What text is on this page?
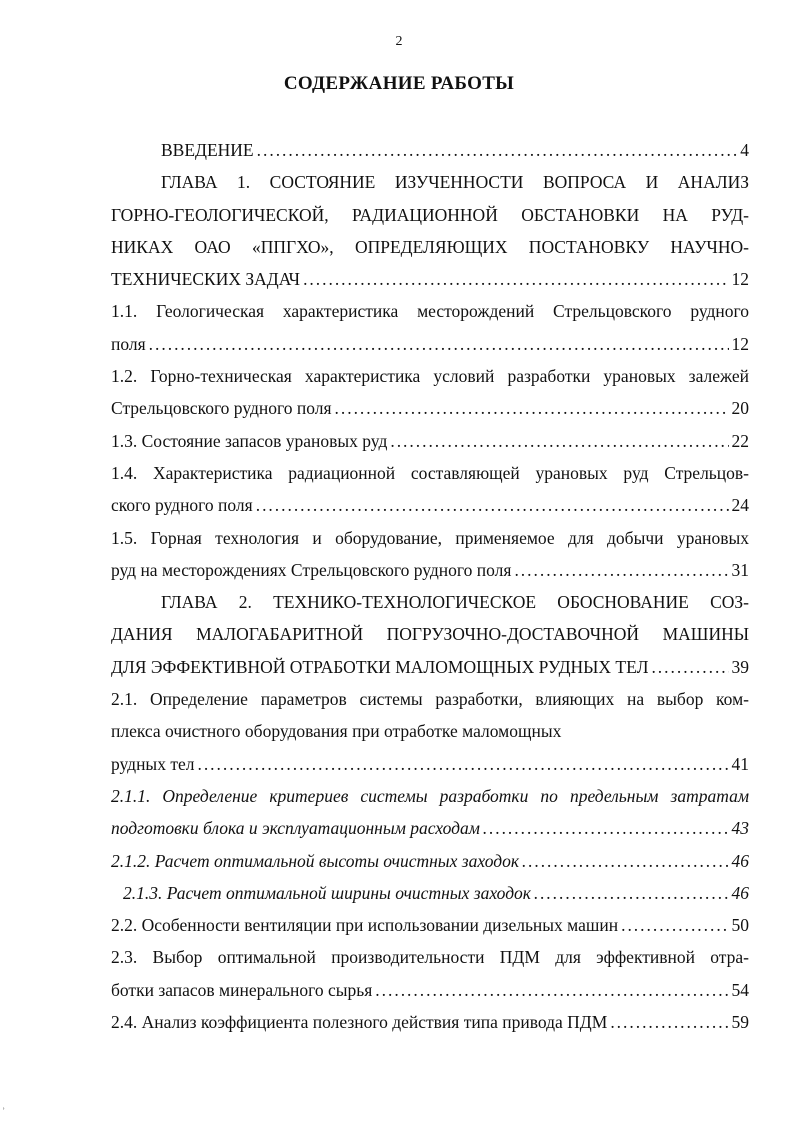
2
СОДЕРЖАНИЕ РАБОТЫ
ВВЕДЕНИЕ . . .	4
ГЛАВА 1. СОСТОЯНИЕ ИЗУЧЕННОСТИ ВОПРОСА И АНАЛИЗ
ГОРНО-ГЕОЛОГИЧЕСКОЙ, РАДИАЦИОННОЙ ОБСТАНОВКИ НА РУД-
НИКАХ ОАО «ППГХО», ОПРЕДЕЛЯЮЩИХ ПОСТАНОВКУ НАУЧНО-
ТЕХНИЧЕСКИХ ЗАДАЧ . . .	12
1.1. Геологическая характеристика месторождений Стрельцовского рудного
поля . . .	12
1.2. Горно-техническая характеристика условий разработки урановых залежей
Стрельцовского рудного поля . . .	20
1.3. Состояние запасов урановых руд . . .	22
1.4. Характеристика радиационной составляющей урановых руд Стрельцов-
ского рудного поля . . .	24
1.5. Горная технология и оборудование, применяемое для добычи урановых
руд на месторождениях Стрельцовского рудного поля . . .	31
ГЛАВА 2. ТЕХНИКО-ТЕХНОЛОГИЧЕСКОЕ ОБОСНОВАНИЕ СОЗ-
ДАНИЯ МАЛОГАБАРИТНОЙ ПОГРУЗОЧНО-ДОСТАВОЧНОЙ МАШИНЫ
ДЛЯ ЭФФЕКТИВНОЙ ОТРАБОТКИ МАЛОМОЩНЫХ РУДНЫХ ТЕЛ . . .	39
2.1. Определение параметров системы разработки, влияющих на выбор ком-
плекса очистного оборудования при отработке маломощных
рудных тел . . .	41
2.1.1. Определение критериев системы разработки по предельным затратам
подготовки блока и эксплуатационным расходам . . .	43
2.1.2. Расчет оптимальной высоты очистных заходок . . .	46
2.1.3. Расчет оптимальной ширины очистных заходок . . .	46
2.2. Особенности вентиляции при использовании дизельных машин . . .	50
2.3. Выбор оптимальной производительности ПДМ для эффективной отра-
ботки запасов минерального сырья . . .	54
2.4. Анализ коэффициента полезного действия типа привода ПДМ . . .	59
ʾ
